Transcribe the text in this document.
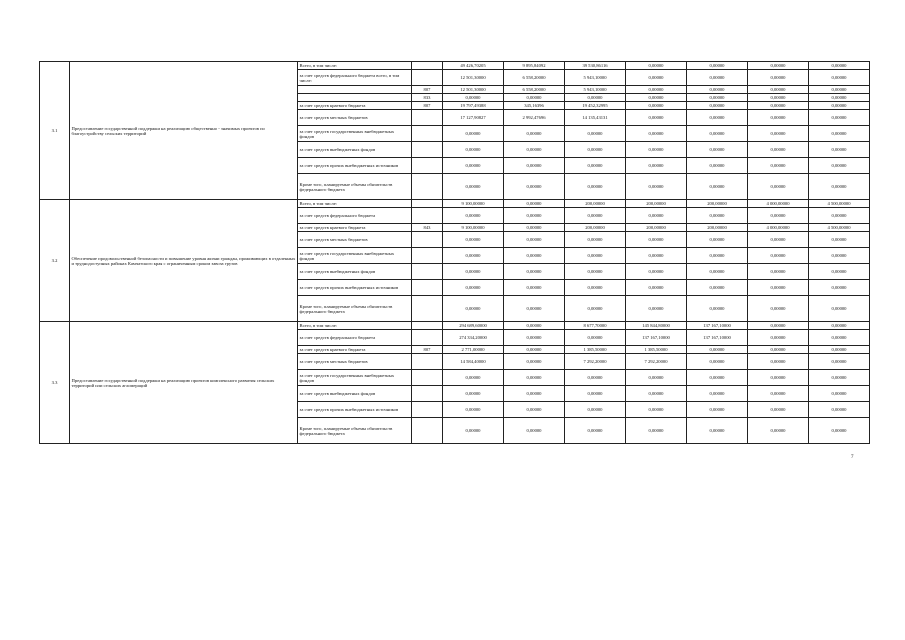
3.1	Предоставление государственной поддержки на реализацию общественно - значимых проектов по благоустройству сельских территорий	Всего, в том числе:		49 426,70205	9 895,84092	39 530,86116	0,00000	0,00000	0,00000	0,00000
		за счет средств федерального бюджета всего, в том числе:		12 501,30000	6 558,20000	5 943,10000	0,00000	0,00000	0,00000	0,00000
			807	12 501,30000	6 558,20000	5 943,10000	0,00000	0,00000	0,00000	0,00000
			833	0,00000	0,00000	0,00000	0,00000	0,00000	0,00000	0,00000
		за счет средств краевого бюджета	807	19 797,49388	345,16396	19 452,32995	0,00000	0,00000	0,00000	0,00000
		за счет средств местных бюджетов		17 127,90827	2 992,47696	14 135,43131	0,00000	0,00000	0,00000	0,00000
		за счет средств государственных внебюджетных фондов		0,00000	0,00000	0,00000	0,00000	0,00000	0,00000	0,00000
		за счет средств внебюджетных фондов		0,00000	0,00000	0,00000	0,00000	0,00000	0,00000	0,00000
		за счет средств прочих внебюджетных источников		0,00000	0,00000	0,00000	0,00000	0,00000	0,00000	0,00000
		Кроме того, планируемые объемы обязательств федерального бюджета		0,00000	0,00000	0,00000	0,00000	0,00000	0,00000	0,00000
3.2	Обеспечение продовольственной безопасности и повышение уровня жизни граждан, проживающих в отдаленных и труднодоступных районах Камчатского края с ограниченным сроком завоза грузов	Всего, в том числе:		9 100,00000	0,00000	200,00000	200,00000	200,00000	4 000,00000	4 500,00000
		за счет средств федерального бюджета		0,00000	0,00000	0,00000	0,00000	0,00000	0,00000	0,00000
		за счет средств краевого бюджета	843	9 100,00000	0,00000	200,00000	200,00000	200,00000	4 000,00000	4 500,00000
		за счет средств местных бюджетов		0,00000	0,00000	0,00000	0,00000	0,00000	0,00000	0,00000
		за счет средств государственных внебюджетных фондов		0,00000	0,00000	0,00000	0,00000	0,00000	0,00000	0,00000
		за счет средств внебюджетных фондов		0,00000	0,00000	0,00000	0,00000	0,00000	0,00000	0,00000
		за счет средств прочих внебюджетных источников		0,00000	0,00000	0,00000	0,00000	0,00000	0,00000	0,00000
		Кроме того, планируемые объемы обязательств федерального бюджета		0,00000	0,00000	0,00000	0,00000	0,00000	0,00000	0,00000
3.3	Предоставление государственной поддержки на реализацию проектов комплексного развития сельских территорий или сельских агломераций	Всего, в том числе:		294 689,60000	0,00000	8 677,70000	145 844,80000	137 167,10000	0,00000	0,00000
		за счет средств федерального бюджета		274 334,20000	0,00000	0,00000	137 167,10000	137 167,10000	0,00000	0,00000
		за счет средств краевого бюджета	807	2 771,00000	0,00000	1 385,50000	1 385,50000	0,00000	0,00000	0,00000
		за счет средств местных бюджетов		14 584,40000	0,00000	7 292,20000	7 292,20000	0,00000	0,00000	0,00000
		за счет средств государственных внебюджетных фондов		0,00000	0,00000	0,00000	0,00000	0,00000	0,00000	0,00000
		за счет средств внебюджетных фондов		0,00000	0,00000	0,00000	0,00000	0,00000	0,00000	0,00000
		за счет средств прочих внебюджетных источников		0,00000	0,00000	0,00000	0,00000	0,00000	0,00000	0,00000
		Кроме того, планируемые объемы обязательств федерального бюджета		0,00000	0,00000	0,00000	0,00000	0,00000	0,00000	0,00000
7
